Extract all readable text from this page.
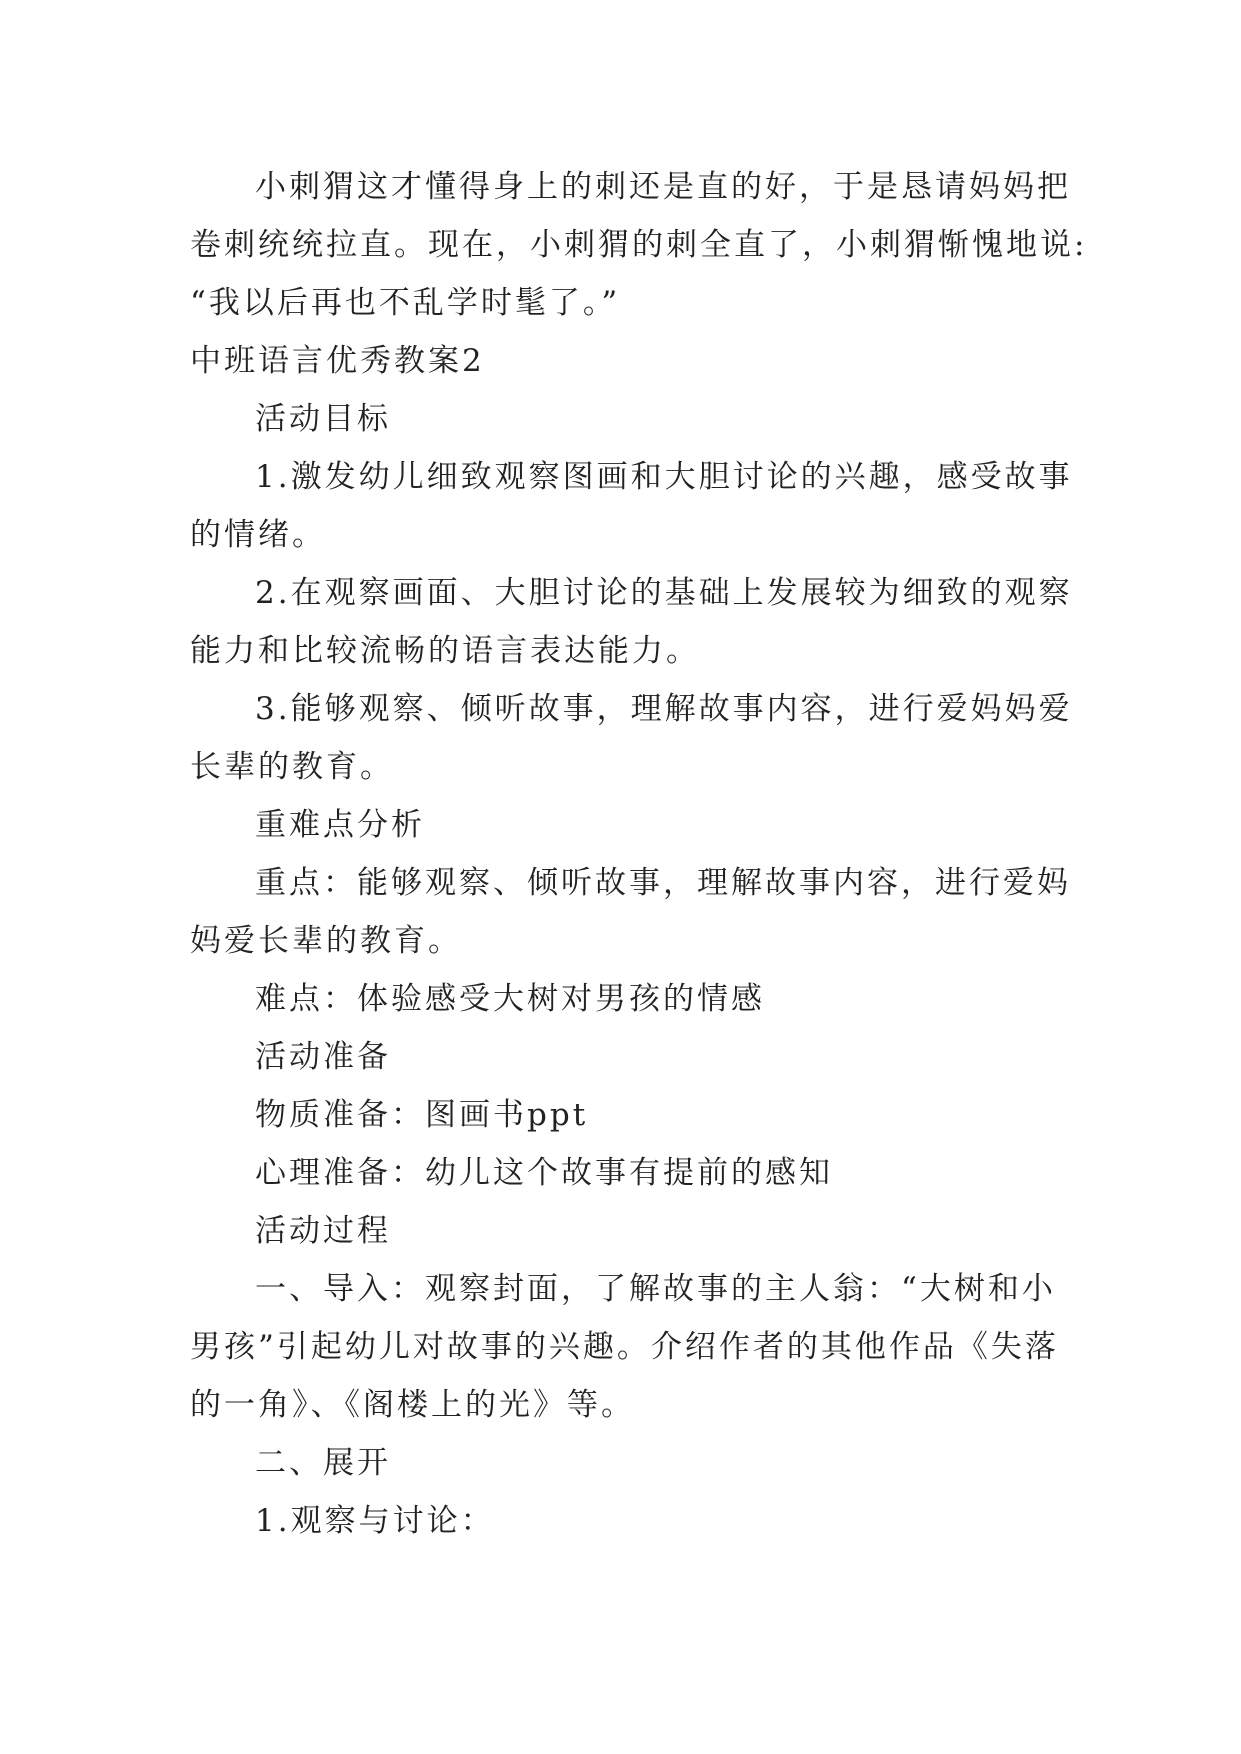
小刺猬这才懂得身上的刺还是直的好，于是恳请妈妈把
卷刺统统拉直。现在，小刺猬的刺全直了，小刺猬惭愧地说:
“我以后再也不乱学时髦了。”
中班语言优秀教案2
活动目标
1.激发幼儿细致观察图画和大胆讨论的兴趣，感受故事
的情绪。
2.在观察画面、大胆讨论的基础上发展较为细致的观察
能力和比较流畅的语言表达能力。
3.能够观察、倾听故事，理解故事内容，进行爱妈妈爱
长辈的教育。
重难点分析
重点：能够观察、倾听故事，理解故事内容，进行爱妈
妈爱长辈的教育。
难点：体验感受大树对男孩的情感
活动准备
物质准备：图画书ppt
心理准备：幼儿这个故事有提前的感知
活动过程
一、导入：观察封面，了解故事的主人翁：“大树和小
男孩”引起幼儿对故事的兴趣。介绍作者的其他作品《失落
的一角》、《阁楼上的光》等。
二、展开
1.观察与讨论：
